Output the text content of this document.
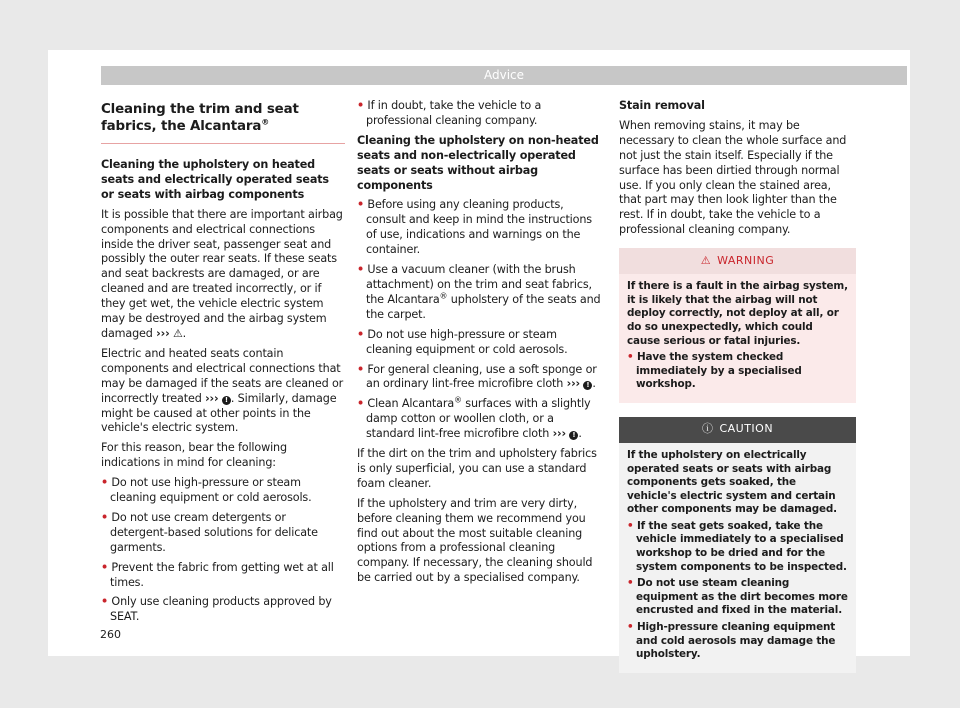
Advice
Cleaning the trim and seat fabrics, the Alcantara®

Cleaning the upholstery on heated seats and electrically operated seats or seats with airbag components

It is possible that there are important airbag components and electrical connections inside the driver seat, passenger seat and possibly the outer rear seats. If these seats and seat backrests are damaged, or are cleaned and are treated incorrectly, or if they get wet, the vehicle electric system may be destroyed and the airbag system damaged ››› ⚠.

Electric and heated seats contain components and electrical connections that may be damaged if the seats are cleaned or incorrectly treated ››› ! . Similarly, damage might be caused at other points in the vehicle's electric system.

For this reason, bear the following indications in mind for cleaning:

• Do not use high-pressure or steam cleaning equipment or cold aerosols.

• Do not use cream detergents or detergent-based solutions for delicate garments.

• Prevent the fabric from getting wet at all times.

• Only use cleaning products approved by SEAT.

• If in doubt, take the vehicle to a professional cleaning company.

Cleaning the upholstery on non-heated seats and non-electrically operated seats or seats without airbag components

• Before using any cleaning products, consult and keep in mind the instructions of use, indications and warnings on the container.

• Use a vacuum cleaner (with the brush attachment) on the trim and seat fabrics, the Alcantara® upholstery of the seats and the carpet.

• Do not use high-pressure or steam cleaning equipment or cold aerosols.

• For general cleaning, use a soft sponge or an ordinary lint-free microfibre cloth ››› ! .

• Clean Alcantara® surfaces with a slightly damp cotton or woollen cloth, or a standard lint-free microfibre cloth ››› ! .

If the dirt on the trim and upholstery fabrics is only superficial, you can use a standard foam cleaner.

If the upholstery and trim are very dirty, before cleaning them we recommend you find out about the most suitable cleaning options from a professional cleaning company. If necessary, the cleaning should be carried out by a specialised company.

Stain removal

When removing stains, it may be necessary to clean the whole surface and not just the stain itself. Especially if the surface has been dirtied through normal use. If you only clean the stained area, that part may then look lighter than the rest. If in doubt, take the vehicle to a professional cleaning company.

⚠ WARNING

If there is a fault in the airbag system, it is likely that the airbag will not deploy correctly, not deploy at all, or do so unexpectedly, which could cause serious or fatal injuries.

• Have the system checked immediately by a specialised workshop.

ⓘ CAUTION

If the upholstery on electrically operated seats or seats with airbag components gets soaked, the vehicle's electric system and certain other components may be damaged.

• If the seat gets soaked, take the vehicle immediately to a specialised workshop to be dried and for the system components to be inspected.

• Do not use steam cleaning equipment as the dirt becomes more encrusted and fixed in the material.

• High-pressure cleaning equipment and cold aerosols may damage the upholstery.

260
